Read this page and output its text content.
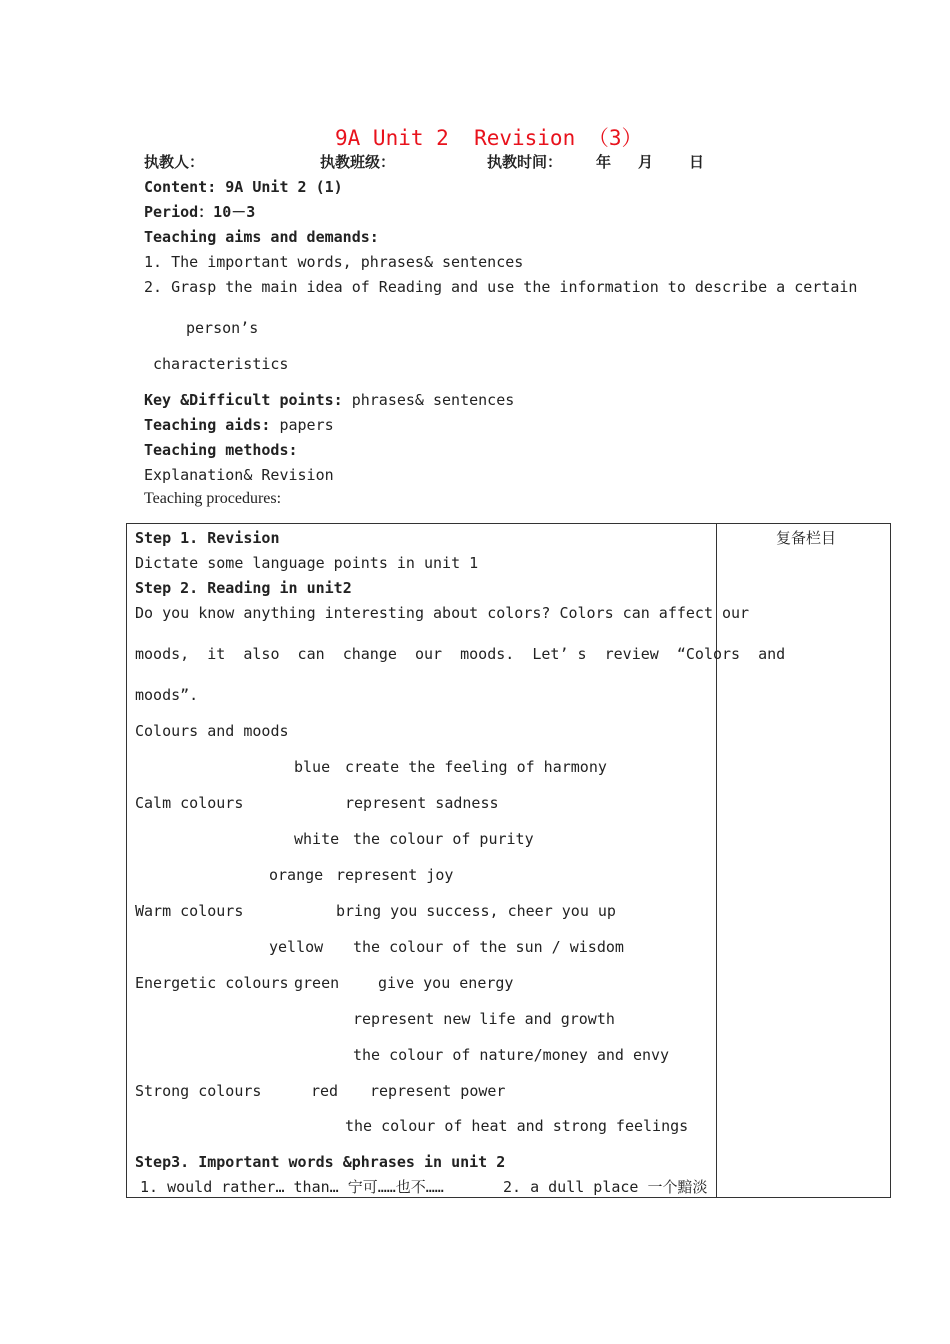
9A Unit 2  Revision （3）
执教人：	执教班级：	执教时间： 年 月 日
Content: 9A Unit 2 (1)
Period：10－3
Teaching aims and demands:
1. The important words, phrases& sentences
2. Grasp the main idea of Reading and use the information to describe a certain
person’s
characteristics
Key &Difficult points: phrases& sentences
Teaching aids: papers
Teaching methods:
Explanation& Revision
Teaching procedures:
复备栏目
Step 1. Revision
Dictate some language points in unit 1
Step 2. Reading in unit2
Do you know anything interesting about colors? Colors can affect our
moods,  it  also  can  change  our  moods.  Let’ s  review  “Colors  and
moods”.
Colours and moods
blue create the feeling of harmony
Calm colours	represent sadness
white the colour of purity
orange represent joy
Warm colours	bring you success, cheer you up
yellow the colour of the sun / wisdom
Energetic colours green	give you energy
represent new life and growth
the colour of nature/money and envy
Strong colours	red represent power
the colour of heat and strong feelings
Step3. Important words &phrases in unit 2
1. would rather… than… 宁可……也不……	2. a dull place 一个黯淡
